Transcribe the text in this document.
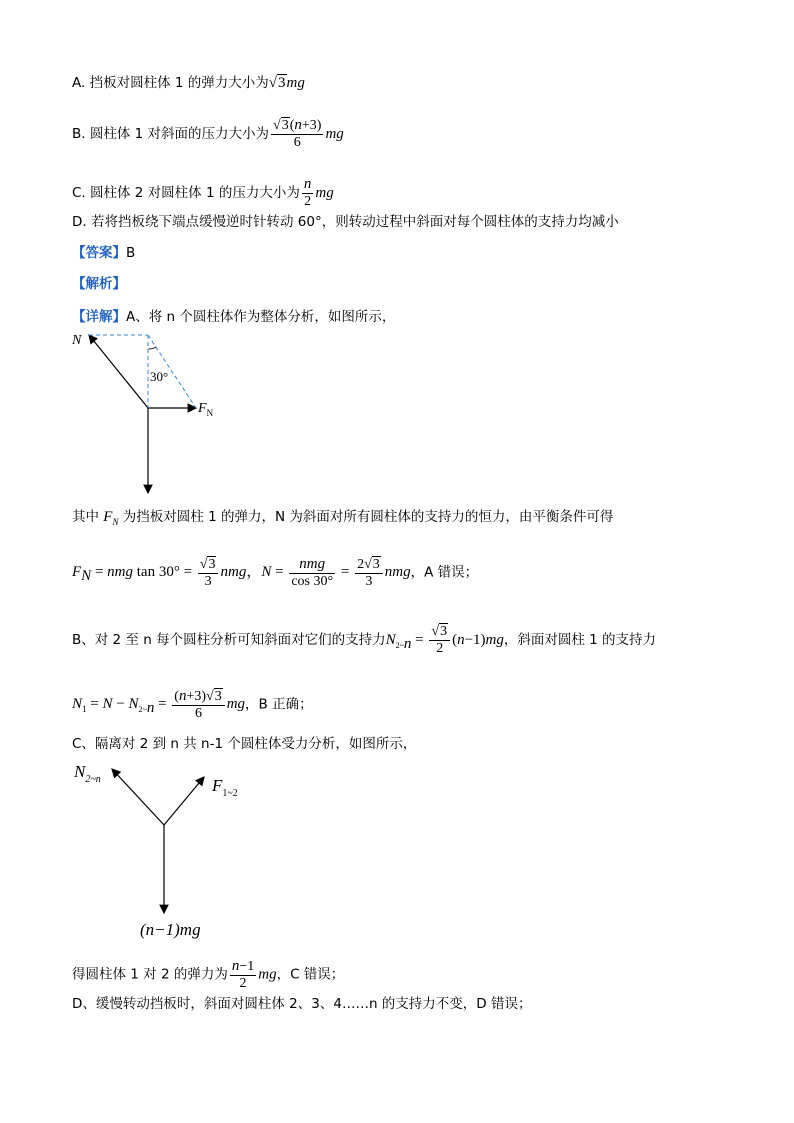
A. 挡板对圆柱体 1 的弹力大小为√3mg
B. 圆柱体 1 对斜面的压力大小为 $\frac{√3(n+3)}{6}$ mg
C. 圆柱体 2 对圆柱体 1 的压力大小为 $\frac{n}{2}$ mg
D. 若将挡板绕下端点缓慢逆时针转动 60°，则转动过程中斜面对每个圆柱体的支持力均减小
【答案】B
【解析】
【详解】A、将 n 个圆柱体作为整体分析，如图所示，
N
30°
$F_N$
其中 $F_N$ 为挡板对圆柱 1 的弹力，N 为斜面对所有圆柱体的支持力的恒力，由平衡条件可得
$F_N$ = nmg $\tan 30^\circ = \frac{√3}{3}$ nmg，$N = \frac{\text{nmg}}{\cos 30^\circ} = \frac{2√3}{3}$ nmg，A 错误；
B、对 2 至 n 每个圆柱分析可知斜面对它们的支持力$N_{2\sim n} = \frac{√3}{2} (n-1)mg$，斜面对圆柱 1 的支持力
$N_1 = N - N_{2\sim n} = \frac{(n+3)√3}{6}$ mg，B 正确；
C、隔离对 2 到 n 共 n-1 个圆柱体受力分析，如图所示，
$N_{2\sim n}$	$F_{1\sim 2}$
(n−1)mg
得圆柱体 1 对 2 的弹力为 $\frac{n-1}{2}$ mg，C 错误；
D、缓慢转动挡板时，斜面对圆柱体 2、3、4……n 的支持力不变，D 错误；
